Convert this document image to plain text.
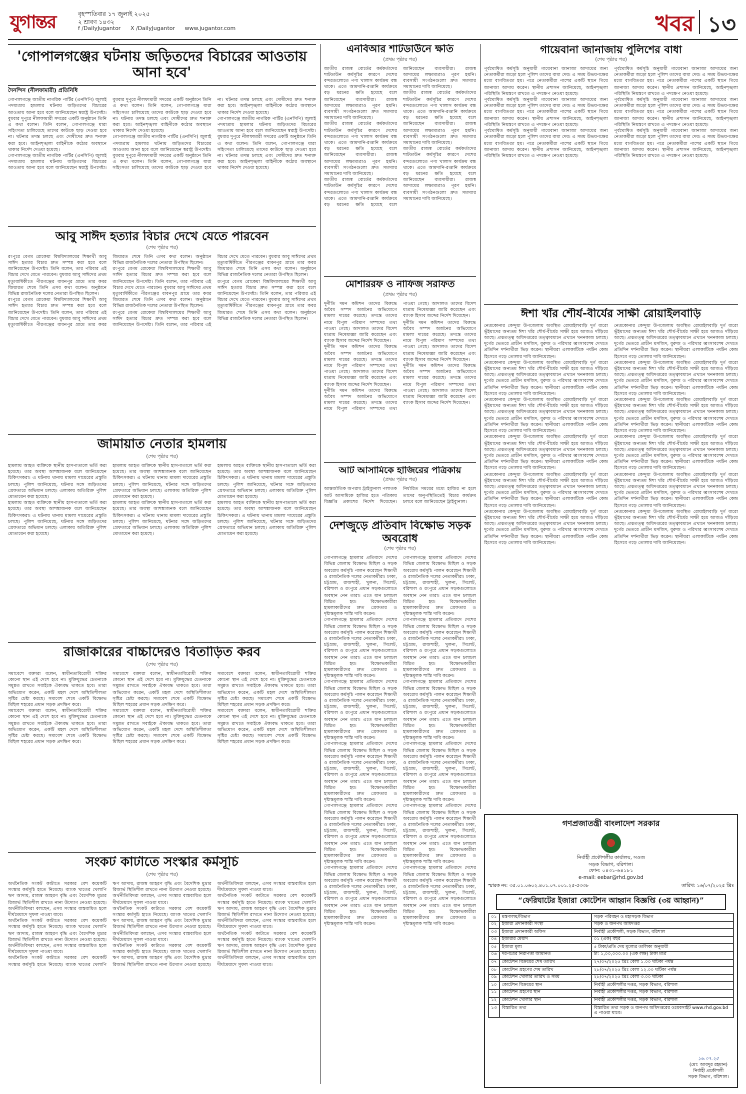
যুগান্তর	বৃহস্পতিবার ১৭ জুলাই ২০২৫
২ শ্রাবণ ১৪৩২
f /DailyJugantor X /DailyJugantor www.jugantor.com	খবর ১৩
'গোপালগঞ্জের ঘটনায় জড়িতদের বিচারের আওতায় আনা হবে'
দৈনন্দিন (নীলফামারী) প্রতিনিধি
গোপালগঞ্জে জাতীয় নাগরিক পার্টির (এনসিপি) জুলাই পদযাত্রায় হামলার ঘটনায় জড়িতদের বিচারের আওতায় আনা হবে বলে জানিয়েছেন স্বরাষ্ট্র উপদেষ্টা। বুধবার দুপুরে নীলফামারী সদরের একটি অনুষ্ঠানে তিনি এ কথা বলেন। তিনি বলেন, গোপালগঞ্জে যারা সহিংসতা চালিয়েছে তাদের কাউকে ছাড় দেওয়া হবে না। ঘটনার তদন্ত চলছে এবং দোষীদের দ্রুত শনাক্ত করা হবে। আইনশৃঙ্খলা বাহিনীকে কঠোর অবস্থানে থাকার নির্দেশ দেওয়া হয়েছে।
গোপালগঞ্জে জাতীয় নাগরিক পার্টির (এনসিপি) জুলাই পদযাত্রায় হামলার ঘটনায় জড়িতদের বিচারের আওতায় আনা হবে বলে জানিয়েছেন স্বরাষ্ট্র উপদেষ্টা। বুধবার দুপুরে নীলফামারী সদরের একটি অনুষ্ঠানে তিনি এ কথা বলেন। তিনি বলেন, গোপালগঞ্জে যারা সহিংসতা চালিয়েছে তাদের কাউকে ছাড় দেওয়া হবে না। ঘটনার তদন্ত চলছে এবং দোষীদের দ্রুত শনাক্ত করা হবে। আইনশৃঙ্খলা বাহিনীকে কঠোর অবস্থানে থাকার নির্দেশ দেওয়া হয়েছে।
গোপালগঞ্জে জাতীয় নাগরিক পার্টির (এনসিপি) জুলাই পদযাত্রায় হামলার ঘটনায় জড়িতদের বিচারের আওতায় আনা হবে বলে জানিয়েছেন স্বরাষ্ট্র উপদেষ্টা। বুধবার দুপুরে নীলফামারী সদরের একটি অনুষ্ঠানে তিনি এ কথা বলেন। তিনি বলেন, গোপালগঞ্জে যারা সহিংসতা চালিয়েছে তাদের কাউকে ছাড় দেওয়া হবে না। ঘটনার তদন্ত চলছে এবং দোষীদের দ্রুত শনাক্ত করা হবে। আইনশৃঙ্খলা বাহিনীকে কঠোর অবস্থানে থাকার নির্দেশ দেওয়া হয়েছে।
গোপালগঞ্জে জাতীয় নাগরিক পার্টির (এনসিপি) জুলাই পদযাত্রায় হামলার ঘটনায় জড়িতদের বিচারের আওতায় আনা হবে বলে জানিয়েছেন স্বরাষ্ট্র উপদেষ্টা। বুধবার দুপুরে নীলফামারী সদরের একটি অনুষ্ঠানে তিনি এ কথা বলেন। তিনি বলেন, গোপালগঞ্জে যারা সহিংসতা চালিয়েছে তাদের কাউকে ছাড় দেওয়া হবে না। ঘটনার তদন্ত চলছে এবং দোষীদের দ্রুত শনাক্ত করা হবে। আইনশৃঙ্খলা বাহিনীকে কঠোর অবস্থানে থাকার নির্দেশ দেওয়া হয়েছে।
এনবিআর শাটডাউনে ক্ষতি
(প্রথম পৃষ্ঠার পর)
জাতীয় রাজস্ব বোর্ডের কর্মকর্তাদের শাটডাউন কর্মসূচির কারণে দেশের বন্দরগুলোতে পণ্য খালাস কার্যক্রম বন্ধ থাকে। এতে আমদানি-রপ্তানি কার্যক্রমে বড় ধরনের ক্ষতি হয়েছে বলে জানিয়েছেন ব্যবসায়ীরা। রাজস্ব আদায়ের লক্ষ্যমাত্রাও পূরণ হয়নি। ব্যবসায়ী সংগঠনগুলো দ্রুত সমস্যার সমাধানের দাবি জানিয়েছে।
জাতীয় রাজস্ব বোর্ডের কর্মকর্তাদের শাটডাউন কর্মসূচির কারণে দেশের বন্দরগুলোতে পণ্য খালাস কার্যক্রম বন্ধ থাকে। এতে আমদানি-রপ্তানি কার্যক্রমে বড় ধরনের ক্ষতি হয়েছে বলে জানিয়েছেন ব্যবসায়ীরা। রাজস্ব আদায়ের লক্ষ্যমাত্রাও পূরণ হয়নি। ব্যবসায়ী সংগঠনগুলো দ্রুত সমস্যার সমাধানের দাবি জানিয়েছে।
জাতীয় রাজস্ব বোর্ডের কর্মকর্তাদের শাটডাউন কর্মসূচির কারণে দেশের বন্দরগুলোতে পণ্য খালাস কার্যক্রম বন্ধ থাকে। এতে আমদানি-রপ্তানি কার্যক্রমে বড় ধরনের ক্ষতি হয়েছে বলে জানিয়েছেন ব্যবসায়ীরা। রাজস্ব আদায়ের লক্ষ্যমাত্রাও পূরণ হয়নি। ব্যবসায়ী সংগঠনগুলো দ্রুত সমস্যার সমাধানের দাবি জানিয়েছে।
জাতীয় রাজস্ব বোর্ডের কর্মকর্তাদের শাটডাউন কর্মসূচির কারণে দেশের বন্দরগুলোতে পণ্য খালাস কার্যক্রম বন্ধ থাকে। এতে আমদানি-রপ্তানি কার্যক্রমে বড় ধরনের ক্ষতি হয়েছে বলে জানিয়েছেন ব্যবসায়ীরা। রাজস্ব আদায়ের লক্ষ্যমাত্রাও পূরণ হয়নি। ব্যবসায়ী সংগঠনগুলো দ্রুত সমস্যার সমাধানের দাবি জানিয়েছে।
জাতীয় রাজস্ব বোর্ডের কর্মকর্তাদের শাটডাউন কর্মসূচির কারণে দেশের বন্দরগুলোতে পণ্য খালাস কার্যক্রম বন্ধ থাকে। এতে আমদানি-রপ্তানি কার্যক্রমে বড় ধরনের ক্ষতি হয়েছে বলে জানিয়েছেন ব্যবসায়ীরা। রাজস্ব আদায়ের লক্ষ্যমাত্রাও পূরণ হয়নি। ব্যবসায়ী সংগঠনগুলো দ্রুত সমস্যার সমাধানের দাবি জানিয়েছে।
গায়েবানা জানাজায় পুলিশের বাধা
(শেষ পৃষ্ঠার পর)
পূর্বঘোষিত কর্মসূচি অনুযায়ী গায়েবানা জানাজা আদায়ের জন্য নেতাকর্মীরা জড়ো হলে পুলিশ তাদের বাধা দেয়। এ সময় উভয়পক্ষের মধ্যে বাগবিতণ্ডা হয়। পরে নেতাকর্মীরা পাশের একটি স্থানে গিয়ে জানাজা আদায় করেন। স্থানীয় প্রশাসন জানিয়েছে, আইনশৃঙ্খলা পরিস্থিতি নিয়ন্ত্রণে রাখতে এ পদক্ষেপ নেওয়া হয়েছে।
পূর্বঘোষিত কর্মসূচি অনুযায়ী গায়েবানা জানাজা আদায়ের জন্য নেতাকর্মীরা জড়ো হলে পুলিশ তাদের বাধা দেয়। এ সময় উভয়পক্ষের মধ্যে বাগবিতণ্ডা হয়। পরে নেতাকর্মীরা পাশের একটি স্থানে গিয়ে জানাজা আদায় করেন। স্থানীয় প্রশাসন জানিয়েছে, আইনশৃঙ্খলা পরিস্থিতি নিয়ন্ত্রণে রাখতে এ পদক্ষেপ নেওয়া হয়েছে।
পূর্বঘোষিত কর্মসূচি অনুযায়ী গায়েবানা জানাজা আদায়ের জন্য নেতাকর্মীরা জড়ো হলে পুলিশ তাদের বাধা দেয়। এ সময় উভয়পক্ষের মধ্যে বাগবিতণ্ডা হয়। পরে নেতাকর্মীরা পাশের একটি স্থানে গিয়ে জানাজা আদায় করেন। স্থানীয় প্রশাসন জানিয়েছে, আইনশৃঙ্খলা পরিস্থিতি নিয়ন্ত্রণে রাখতে এ পদক্ষেপ নেওয়া হয়েছে।
পূর্বঘোষিত কর্মসূচি অনুযায়ী গায়েবানা জানাজা আদায়ের জন্য নেতাকর্মীরা জড়ো হলে পুলিশ তাদের বাধা দেয়। এ সময় উভয়পক্ষের মধ্যে বাগবিতণ্ডা হয়। পরে নেতাকর্মীরা পাশের একটি স্থানে গিয়ে জানাজা আদায় করেন। স্থানীয় প্রশাসন জানিয়েছে, আইনশৃঙ্খলা পরিস্থিতি নিয়ন্ত্রণে রাখতে এ পদক্ষেপ নেওয়া হয়েছে।
পূর্বঘোষিত কর্মসূচি অনুযায়ী গায়েবানা জানাজা আদায়ের জন্য নেতাকর্মীরা জড়ো হলে পুলিশ তাদের বাধা দেয়। এ সময় উভয়পক্ষের মধ্যে বাগবিতণ্ডা হয়। পরে নেতাকর্মীরা পাশের একটি স্থানে গিয়ে জানাজা আদায় করেন। স্থানীয় প্রশাসন জানিয়েছে, আইনশৃঙ্খলা পরিস্থিতি নিয়ন্ত্রণে রাখতে এ পদক্ষেপ নেওয়া হয়েছে।
পূর্বঘোষিত কর্মসূচি অনুযায়ী গায়েবানা জানাজা আদায়ের জন্য নেতাকর্মীরা জড়ো হলে পুলিশ তাদের বাধা দেয়। এ সময় উভয়পক্ষের মধ্যে বাগবিতণ্ডা হয়। পরে নেতাকর্মীরা পাশের একটি স্থানে গিয়ে জানাজা আদায় করেন। স্থানীয় প্রশাসন জানিয়েছে, আইনশৃঙ্খলা পরিস্থিতি নিয়ন্ত্রণে রাখতে এ পদক্ষেপ নেওয়া হয়েছে।
আবু সাঈদ হত্যার বিচার দেখে যেতে পারবেন
(শেষ পৃষ্ঠার পর)
রংপুরে বেগম রোকেয়া বিশ্ববিদ্যালয়ের শিক্ষার্থী আবু সাঈদ হত্যার বিচার দ্রুত সম্পন্ন করা হবে বলে জানিয়েছেন উপদেষ্টা। তিনি বলেন, তার পরিবার এই বিচার দেখে যেতে পারবেন। বুধবার আবু সাঈদের প্রথম মৃত্যুবার্ষিকীতে পীরগঞ্জের বাবনপুর গ্রামে তার কবর জিয়ারত শেষে তিনি এসব কথা বলেন। অনুষ্ঠানে বিভিন্ন রাজনৈতিক দলের নেতারা উপস্থিত ছিলেন।
রংপুরে বেগম রোকেয়া বিশ্ববিদ্যালয়ের শিক্ষার্থী আবু সাঈদ হত্যার বিচার দ্রুত সম্পন্ন করা হবে বলে জানিয়েছেন উপদেষ্টা। তিনি বলেন, তার পরিবার এই বিচার দেখে যেতে পারবেন। বুধবার আবু সাঈদের প্রথম মৃত্যুবার্ষিকীতে পীরগঞ্জের বাবনপুর গ্রামে তার কবর জিয়ারত শেষে তিনি এসব কথা বলেন। অনুষ্ঠানে বিভিন্ন রাজনৈতিক দলের নেতারা উপস্থিত ছিলেন।
রংপুরে বেগম রোকেয়া বিশ্ববিদ্যালয়ের শিক্ষার্থী আবু সাঈদ হত্যার বিচার দ্রুত সম্পন্ন করা হবে বলে জানিয়েছেন উপদেষ্টা। তিনি বলেন, তার পরিবার এই বিচার দেখে যেতে পারবেন। বুধবার আবু সাঈদের প্রথম মৃত্যুবার্ষিকীতে পীরগঞ্জের বাবনপুর গ্রামে তার কবর জিয়ারত শেষে তিনি এসব কথা বলেন। অনুষ্ঠানে বিভিন্ন রাজনৈতিক দলের নেতারা উপস্থিত ছিলেন।
রংপুরে বেগম রোকেয়া বিশ্ববিদ্যালয়ের শিক্ষার্থী আবু সাঈদ হত্যার বিচার দ্রুত সম্পন্ন করা হবে বলে জানিয়েছেন উপদেষ্টা। তিনি বলেন, তার পরিবার এই বিচার দেখে যেতে পারবেন। বুধবার আবু সাঈদের প্রথম মৃত্যুবার্ষিকীতে পীরগঞ্জের বাবনপুর গ্রামে তার কবর জিয়ারত শেষে তিনি এসব কথা বলেন। অনুষ্ঠানে বিভিন্ন রাজনৈতিক দলের নেতারা উপস্থিত ছিলেন।
রংপুরে বেগম রোকেয়া বিশ্ববিদ্যালয়ের শিক্ষার্থী আবু সাঈদ হত্যার বিচার দ্রুত সম্পন্ন করা হবে বলে জানিয়েছেন উপদেষ্টা। তিনি বলেন, তার পরিবার এই বিচার দেখে যেতে পারবেন। বুধবার আবু সাঈদের প্রথম মৃত্যুবার্ষিকীতে পীরগঞ্জের বাবনপুর গ্রামে তার কবর জিয়ারত শেষে তিনি এসব কথা বলেন। অনুষ্ঠানে বিভিন্ন রাজনৈতিক দলের নেতারা উপস্থিত ছিলেন।
মোশাররফ ও নাফিজ সরাফত
(প্রথম পৃষ্ঠার পর)
দুর্নীতি দমন কমিশন তাদের বিরুদ্ধে অবৈধ সম্পদ অর্জনের অভিযোগে মামলা দায়ের করেছে। তদন্তে তাদের নামে বিপুল পরিমাণ সম্পদের তথ্য পাওয়া গেছে। আদালত তাদের বিদেশ যাত্রায় নিষেধাজ্ঞা জারি করেছেন এবং ব্যাংক হিসাব জব্দের নির্দেশ দিয়েছেন।
দুর্নীতি দমন কমিশন তাদের বিরুদ্ধে অবৈধ সম্পদ অর্জনের অভিযোগে মামলা দায়ের করেছে। তদন্তে তাদের নামে বিপুল পরিমাণ সম্পদের তথ্য পাওয়া গেছে। আদালত তাদের বিদেশ যাত্রায় নিষেধাজ্ঞা জারি করেছেন এবং ব্যাংক হিসাব জব্দের নির্দেশ দিয়েছেন।
দুর্নীতি দমন কমিশন তাদের বিরুদ্ধে অবৈধ সম্পদ অর্জনের অভিযোগে মামলা দায়ের করেছে। তদন্তে তাদের নামে বিপুল পরিমাণ সম্পদের তথ্য পাওয়া গেছে। আদালত তাদের বিদেশ যাত্রায় নিষেধাজ্ঞা জারি করেছেন এবং ব্যাংক হিসাব জব্দের নির্দেশ দিয়েছেন।
দুর্নীতি দমন কমিশন তাদের বিরুদ্ধে অবৈধ সম্পদ অর্জনের অভিযোগে মামলা দায়ের করেছে। তদন্তে তাদের নামে বিপুল পরিমাণ সম্পদের তথ্য পাওয়া গেছে। আদালত তাদের বিদেশ যাত্রায় নিষেধাজ্ঞা জারি করেছেন এবং ব্যাংক হিসাব জব্দের নির্দেশ দিয়েছেন।
দুর্নীতি দমন কমিশন তাদের বিরুদ্ধে অবৈধ সম্পদ অর্জনের অভিযোগে মামলা দায়ের করেছে। তদন্তে তাদের নামে বিপুল পরিমাণ সম্পদের তথ্য পাওয়া গেছে। আদালত তাদের বিদেশ যাত্রায় নিষেধাজ্ঞা জারি করেছেন এবং ব্যাংক হিসাব জব্দের নির্দেশ দিয়েছেন।
ঈশা খাঁর শৌর্য-বীর্যের সাক্ষী রোয়াইলবাড়ি
নেত্রকোনার কেন্দুয়া উপজেলায় অবস্থিত রোয়াইলবাড়ি দুর্গ বারো ভূঁইয়াদের অন্যতম ঈশা খাঁর শৌর্য-বীর্যের সাক্ষী হয়ে আজও দাঁড়িয়ে আছে। প্রত্নতত্ত্ব অধিদপ্তরের তত্ত্বাবধানে এখানে খননকাজ চলছে। দুর্গের ভেতরে প্রাচীন মসজিদ, বুরুজ ও পরিখার ধ্বংসাবশেষ দেখতে প্রতিদিন দর্শনার্থীরা ভিড় করেন। স্থানীয়রা এলাকাটিকে পর্যটন কেন্দ্র হিসেবে গড়ে তোলার দাবি জানিয়েছেন।
নেত্রকোনার কেন্দুয়া উপজেলায় অবস্থিত রোয়াইলবাড়ি দুর্গ বারো ভূঁইয়াদের অন্যতম ঈশা খাঁর শৌর্য-বীর্যের সাক্ষী হয়ে আজও দাঁড়িয়ে আছে। প্রত্নতত্ত্ব অধিদপ্তরের তত্ত্বাবধানে এখানে খননকাজ চলছে। দুর্গের ভেতরে প্রাচীন মসজিদ, বুরুজ ও পরিখার ধ্বংসাবশেষ দেখতে প্রতিদিন দর্শনার্থীরা ভিড় করেন। স্থানীয়রা এলাকাটিকে পর্যটন কেন্দ্র হিসেবে গড়ে তোলার দাবি জানিয়েছেন।
নেত্রকোনার কেন্দুয়া উপজেলায় অবস্থিত রোয়াইলবাড়ি দুর্গ বারো ভূঁইয়াদের অন্যতম ঈশা খাঁর শৌর্য-বীর্যের সাক্ষী হয়ে আজও দাঁড়িয়ে আছে। প্রত্নতত্ত্ব অধিদপ্তরের তত্ত্বাবধানে এখানে খননকাজ চলছে। দুর্গের ভেতরে প্রাচীন মসজিদ, বুরুজ ও পরিখার ধ্বংসাবশেষ দেখতে প্রতিদিন দর্শনার্থীরা ভিড় করেন। স্থানীয়রা এলাকাটিকে পর্যটন কেন্দ্র হিসেবে গড়ে তোলার দাবি জানিয়েছেন।
নেত্রকোনার কেন্দুয়া উপজেলায় অবস্থিত রোয়াইলবাড়ি দুর্গ বারো ভূঁইয়াদের অন্যতম ঈশা খাঁর শৌর্য-বীর্যের সাক্ষী হয়ে আজও দাঁড়িয়ে আছে। প্রত্নতত্ত্ব অধিদপ্তরের তত্ত্বাবধানে এখানে খননকাজ চলছে। দুর্গের ভেতরে প্রাচীন মসজিদ, বুরুজ ও পরিখার ধ্বংসাবশেষ দেখতে প্রতিদিন দর্শনার্থীরা ভিড় করেন। স্থানীয়রা এলাকাটিকে পর্যটন কেন্দ্র হিসেবে গড়ে তোলার দাবি জানিয়েছেন।
নেত্রকোনার কেন্দুয়া উপজেলায় অবস্থিত রোয়াইলবাড়ি দুর্গ বারো ভূঁইয়াদের অন্যতম ঈশা খাঁর শৌর্য-বীর্যের সাক্ষী হয়ে আজও দাঁড়িয়ে আছে। প্রত্নতত্ত্ব অধিদপ্তরের তত্ত্বাবধানে এখানে খননকাজ চলছে। দুর্গের ভেতরে প্রাচীন মসজিদ, বুরুজ ও পরিখার ধ্বংসাবশেষ দেখতে প্রতিদিন দর্শনার্থীরা ভিড় করেন। স্থানীয়রা এলাকাটিকে পর্যটন কেন্দ্র হিসেবে গড়ে তোলার দাবি জানিয়েছেন।
নেত্রকোনার কেন্দুয়া উপজেলায় অবস্থিত রোয়াইলবাড়ি দুর্গ বারো ভূঁইয়াদের অন্যতম ঈশা খাঁর শৌর্য-বীর্যের সাক্ষী হয়ে আজও দাঁড়িয়ে আছে। প্রত্নতত্ত্ব অধিদপ্তরের তত্ত্বাবধানে এখানে খননকাজ চলছে। দুর্গের ভেতরে প্রাচীন মসজিদ, বুরুজ ও পরিখার ধ্বংসাবশেষ দেখতে প্রতিদিন দর্শনার্থীরা ভিড় করেন। স্থানীয়রা এলাকাটিকে পর্যটন কেন্দ্র হিসেবে গড়ে তোলার দাবি জানিয়েছেন।
নেত্রকোনার কেন্দুয়া উপজেলায় অবস্থিত রোয়াইলবাড়ি দুর্গ বারো ভূঁইয়াদের অন্যতম ঈশা খাঁর শৌর্য-বীর্যের সাক্ষী হয়ে আজও দাঁড়িয়ে আছে। প্রত্নতত্ত্ব অধিদপ্তরের তত্ত্বাবধানে এখানে খননকাজ চলছে। দুর্গের ভেতরে প্রাচীন মসজিদ, বুরুজ ও পরিখার ধ্বংসাবশেষ দেখতে প্রতিদিন দর্শনার্থীরা ভিড় করেন। স্থানীয়রা এলাকাটিকে পর্যটন কেন্দ্র হিসেবে গড়ে তোলার দাবি জানিয়েছেন।
নেত্রকোনার কেন্দুয়া উপজেলায় অবস্থিত রোয়াইলবাড়ি দুর্গ বারো ভূঁইয়াদের অন্যতম ঈশা খাঁর শৌর্য-বীর্যের সাক্ষী হয়ে আজও দাঁড়িয়ে আছে। প্রত্নতত্ত্ব অধিদপ্তরের তত্ত্বাবধানে এখানে খননকাজ চলছে। দুর্গের ভেতরে প্রাচীন মসজিদ, বুরুজ ও পরিখার ধ্বংসাবশেষ দেখতে প্রতিদিন দর্শনার্থীরা ভিড় করেন। স্থানীয়রা এলাকাটিকে পর্যটন কেন্দ্র হিসেবে গড়ে তোলার দাবি জানিয়েছেন।
নেত্রকোনার কেন্দুয়া উপজেলায় অবস্থিত রোয়াইলবাড়ি দুর্গ বারো ভূঁইয়াদের অন্যতম ঈশা খাঁর শৌর্য-বীর্যের সাক্ষী হয়ে আজও দাঁড়িয়ে আছে। প্রত্নতত্ত্ব অধিদপ্তরের তত্ত্বাবধানে এখানে খননকাজ চলছে। দুর্গের ভেতরে প্রাচীন মসজিদ, বুরুজ ও পরিখার ধ্বংসাবশেষ দেখতে প্রতিদিন দর্শনার্থীরা ভিড় করেন। স্থানীয়রা এলাকাটিকে পর্যটন কেন্দ্র হিসেবে গড়ে তোলার দাবি জানিয়েছেন।
নেত্রকোনার কেন্দুয়া উপজেলায় অবস্থিত রোয়াইলবাড়ি দুর্গ বারো ভূঁইয়াদের অন্যতম ঈশা খাঁর শৌর্য-বীর্যের সাক্ষী হয়ে আজও দাঁড়িয়ে আছে। প্রত্নতত্ত্ব অধিদপ্তরের তত্ত্বাবধানে এখানে খননকাজ চলছে। দুর্গের ভেতরে প্রাচীন মসজিদ, বুরুজ ও পরিখার ধ্বংসাবশেষ দেখতে প্রতিদিন দর্শনার্থীরা ভিড় করেন। স্থানীয়রা এলাকাটিকে পর্যটন কেন্দ্র হিসেবে গড়ে তোলার দাবি জানিয়েছেন।
নেত্রকোনার কেন্দুয়া উপজেলায় অবস্থিত রোয়াইলবাড়ি দুর্গ বারো ভূঁইয়াদের অন্যতম ঈশা খাঁর শৌর্য-বীর্যের সাক্ষী হয়ে আজও দাঁড়িয়ে আছে। প্রত্নতত্ত্ব অধিদপ্তরের তত্ত্বাবধানে এখানে খননকাজ চলছে। দুর্গের ভেতরে প্রাচীন মসজিদ, বুরুজ ও পরিখার ধ্বংসাবশেষ দেখতে প্রতিদিন দর্শনার্থীরা ভিড় করেন। স্থানীয়রা এলাকাটিকে পর্যটন কেন্দ্র হিসেবে গড়ে তোলার দাবি জানিয়েছেন।
নেত্রকোনার কেন্দুয়া উপজেলায় অবস্থিত রোয়াইলবাড়ি দুর্গ বারো ভূঁইয়াদের অন্যতম ঈশা খাঁর শৌর্য-বীর্যের সাক্ষী হয়ে আজও দাঁড়িয়ে আছে। প্রত্নতত্ত্ব অধিদপ্তরের তত্ত্বাবধানে এখানে খননকাজ চলছে। দুর্গের ভেতরে প্রাচীন মসজিদ, বুরুজ ও পরিখার ধ্বংসাবশেষ দেখতে প্রতিদিন দর্শনার্থীরা ভিড় করেন। স্থানীয়রা এলাকাটিকে পর্যটন কেন্দ্র হিসেবে গড়ে তোলার দাবি জানিয়েছেন।
জামায়াত নেতার হামলায়
(শেষ পৃষ্ঠার পর)
হামলায় আহত ব্যক্তিকে স্থানীয় হাসপাতালে ভর্তি করা হয়েছে। তার অবস্থা আশঙ্কাজনক বলে জানিয়েছেন চিকিৎসকরা। এ ঘটনায় থানায় মামলা দায়েরের প্রস্তুতি চলছে। পুলিশ জানিয়েছে, ঘটনার সঙ্গে জড়িতদের গ্রেফতারে অভিযান চলছে। এলাকায় অতিরিক্ত পুলিশ মোতায়েন করা হয়েছে।
হামলায় আহত ব্যক্তিকে স্থানীয় হাসপাতালে ভর্তি করা হয়েছে। তার অবস্থা আশঙ্কাজনক বলে জানিয়েছেন চিকিৎসকরা। এ ঘটনায় থানায় মামলা দায়েরের প্রস্তুতি চলছে। পুলিশ জানিয়েছে, ঘটনার সঙ্গে জড়িতদের গ্রেফতারে অভিযান চলছে। এলাকায় অতিরিক্ত পুলিশ মোতায়েন করা হয়েছে।
হামলায় আহত ব্যক্তিকে স্থানীয় হাসপাতালে ভর্তি করা হয়েছে। তার অবস্থা আশঙ্কাজনক বলে জানিয়েছেন চিকিৎসকরা। এ ঘটনায় থানায় মামলা দায়েরের প্রস্তুতি চলছে। পুলিশ জানিয়েছে, ঘটনার সঙ্গে জড়িতদের গ্রেফতারে অভিযান চলছে। এলাকায় অতিরিক্ত পুলিশ মোতায়েন করা হয়েছে।
হামলায় আহত ব্যক্তিকে স্থানীয় হাসপাতালে ভর্তি করা হয়েছে। তার অবস্থা আশঙ্কাজনক বলে জানিয়েছেন চিকিৎসকরা। এ ঘটনায় থানায় মামলা দায়েরের প্রস্তুতি চলছে। পুলিশ জানিয়েছে, ঘটনার সঙ্গে জড়িতদের গ্রেফতারে অভিযান চলছে। এলাকায় অতিরিক্ত পুলিশ মোতায়েন করা হয়েছে।
হামলায় আহত ব্যক্তিকে স্থানীয় হাসপাতালে ভর্তি করা হয়েছে। তার অবস্থা আশঙ্কাজনক বলে জানিয়েছেন চিকিৎসকরা। এ ঘটনায় থানায় মামলা দায়েরের প্রস্তুতি চলছে। পুলিশ জানিয়েছে, ঘটনার সঙ্গে জড়িতদের গ্রেফতারে অভিযান চলছে। এলাকায় অতিরিক্ত পুলিশ মোতায়েন করা হয়েছে।
হামলায় আহত ব্যক্তিকে স্থানীয় হাসপাতালে ভর্তি করা হয়েছে। তার অবস্থা আশঙ্কাজনক বলে জানিয়েছেন চিকিৎসকরা। এ ঘটনায় থানায় মামলা দায়েরের প্রস্তুতি চলছে। পুলিশ জানিয়েছে, ঘটনার সঙ্গে জড়িতদের গ্রেফতারে অভিযান চলছে। এলাকায় অতিরিক্ত পুলিশ মোতায়েন করা হয়েছে।
আট আসামিকে হাজিরের পত্রিকায়
(প্রথম পৃষ্ঠার পর)
আন্তর্জাতিক অপরাধ ট্রাইব্যুনাল পলাতক আট আসামিকে হাজির হতে পত্রিকায় বিজ্ঞপ্তি প্রকাশের নির্দেশ দিয়েছেন। নির্ধারিত সময়ের মধ্যে হাজির না হলে তাদের অনুপস্থিতিতেই বিচার কার্যক্রম চলবে বলে জানিয়েছেন ট্রাইব্যুনাল।
দেশজুড়ে প্রতিবাদ বিক্ষোভ সড়ক অবরোধ
(শেষ পৃষ্ঠার পর)
গোপালগঞ্জে হামলার প্রতিবাদে দেশের বিভিন্ন জেলায় বিক্ষোভ মিছিল ও সড়ক অবরোধ কর্মসূচি পালন করেছেন শিক্ষার্থী ও রাজনৈতিক দলের নেতাকর্মীরা। ঢাকা, চট্টগ্রাম, রাজশাহী, খুলনা, সিলেট, বরিশাল ও রংপুরে প্রধান সড়কগুলোতে অবস্থান নেন তারা। এতে যান চলাচল বিঘ্নিত হয়। বিক্ষোভকারীরা হামলাকারীদের দ্রুত গ্রেফতার ও দৃষ্টান্তমূলক শাস্তি দাবি করেন।
গোপালগঞ্জে হামলার প্রতিবাদে দেশের বিভিন্ন জেলায় বিক্ষোভ মিছিল ও সড়ক অবরোধ কর্মসূচি পালন করেছেন শিক্ষার্থী ও রাজনৈতিক দলের নেতাকর্মীরা। ঢাকা, চট্টগ্রাম, রাজশাহী, খুলনা, সিলেট, বরিশাল ও রংপুরে প্রধান সড়কগুলোতে অবস্থান নেন তারা। এতে যান চলাচল বিঘ্নিত হয়। বিক্ষোভকারীরা হামলাকারীদের দ্রুত গ্রেফতার ও দৃষ্টান্তমূলক শাস্তি দাবি করেন।
গোপালগঞ্জে হামলার প্রতিবাদে দেশের বিভিন্ন জেলায় বিক্ষোভ মিছিল ও সড়ক অবরোধ কর্মসূচি পালন করেছেন শিক্ষার্থী ও রাজনৈতিক দলের নেতাকর্মীরা। ঢাকা, চট্টগ্রাম, রাজশাহী, খুলনা, সিলেট, বরিশাল ও রংপুরে প্রধান সড়কগুলোতে অবস্থান নেন তারা। এতে যান চলাচল বিঘ্নিত হয়। বিক্ষোভকারীরা হামলাকারীদের দ্রুত গ্রেফতার ও দৃষ্টান্তমূলক শাস্তি দাবি করেন।
গোপালগঞ্জে হামলার প্রতিবাদে দেশের বিভিন্ন জেলায় বিক্ষোভ মিছিল ও সড়ক অবরোধ কর্মসূচি পালন করেছেন শিক্ষার্থী ও রাজনৈতিক দলের নেতাকর্মীরা। ঢাকা, চট্টগ্রাম, রাজশাহী, খুলনা, সিলেট, বরিশাল ও রংপুরে প্রধান সড়কগুলোতে অবস্থান নেন তারা। এতে যান চলাচল বিঘ্নিত হয়। বিক্ষোভকারীরা হামলাকারীদের দ্রুত গ্রেফতার ও দৃষ্টান্তমূলক শাস্তি দাবি করেন।
গোপালগঞ্জে হামলার প্রতিবাদে দেশের বিভিন্ন জেলায় বিক্ষোভ মিছিল ও সড়ক অবরোধ কর্মসূচি পালন করেছেন শিক্ষার্থী ও রাজনৈতিক দলের নেতাকর্মীরা। ঢাকা, চট্টগ্রাম, রাজশাহী, খুলনা, সিলেট, বরিশাল ও রংপুরে প্রধান সড়কগুলোতে অবস্থান নেন তারা। এতে যান চলাচল বিঘ্নিত হয়। বিক্ষোভকারীরা হামলাকারীদের দ্রুত গ্রেফতার ও দৃষ্টান্তমূলক শাস্তি দাবি করেন।
গোপালগঞ্জে হামলার প্রতিবাদে দেশের বিভিন্ন জেলায় বিক্ষোভ মিছিল ও সড়ক অবরোধ কর্মসূচি পালন করেছেন শিক্ষার্থী ও রাজনৈতিক দলের নেতাকর্মীরা। ঢাকা, চট্টগ্রাম, রাজশাহী, খুলনা, সিলেট, বরিশাল ও রংপুরে প্রধান সড়কগুলোতে অবস্থান নেন তারা। এতে যান চলাচল বিঘ্নিত হয়। বিক্ষোভকারীরা হামলাকারীদের দ্রুত গ্রেফতার ও দৃষ্টান্তমূলক শাস্তি দাবি করেন।
গোপালগঞ্জে হামলার প্রতিবাদে দেশের বিভিন্ন জেলায় বিক্ষোভ মিছিল ও সড়ক অবরোধ কর্মসূচি পালন করেছেন শিক্ষার্থী ও রাজনৈতিক দলের নেতাকর্মীরা। ঢাকা, চট্টগ্রাম, রাজশাহী, খুলনা, সিলেট, বরিশাল ও রংপুরে প্রধান সড়কগুলোতে অবস্থান নেন তারা। এতে যান চলাচল বিঘ্নিত হয়। বিক্ষোভকারীরা হামলাকারীদের দ্রুত গ্রেফতার ও দৃষ্টান্তমূলক শাস্তি দাবি করেন।
গোপালগঞ্জে হামলার প্রতিবাদে দেশের বিভিন্ন জেলায় বিক্ষোভ মিছিল ও সড়ক অবরোধ কর্মসূচি পালন করেছেন শিক্ষার্থী ও রাজনৈতিক দলের নেতাকর্মীরা। ঢাকা, চট্টগ্রাম, রাজশাহী, খুলনা, সিলেট, বরিশাল ও রংপুরে প্রধান সড়কগুলোতে অবস্থান নেন তারা। এতে যান চলাচল বিঘ্নিত হয়। বিক্ষোভকারীরা হামলাকারীদের দ্রুত গ্রেফতার ও দৃষ্টান্তমূলক শাস্তি দাবি করেন।
গোপালগঞ্জে হামলার প্রতিবাদে দেশের বিভিন্ন জেলায় বিক্ষোভ মিছিল ও সড়ক অবরোধ কর্মসূচি পালন করেছেন শিক্ষার্থী ও রাজনৈতিক দলের নেতাকর্মীরা। ঢাকা, চট্টগ্রাম, রাজশাহী, খুলনা, সিলেট, বরিশাল ও রংপুরে প্রধান সড়কগুলোতে অবস্থান নেন তারা। এতে যান চলাচল বিঘ্নিত হয়। বিক্ষোভকারীরা হামলাকারীদের দ্রুত গ্রেফতার ও দৃষ্টান্তমূলক শাস্তি দাবি করেন।
গোপালগঞ্জে হামলার প্রতিবাদে দেশের বিভিন্ন জেলায় বিক্ষোভ মিছিল ও সড়ক অবরোধ কর্মসূচি পালন করেছেন শিক্ষার্থী ও রাজনৈতিক দলের নেতাকর্মীরা। ঢাকা, চট্টগ্রাম, রাজশাহী, খুলনা, সিলেট, বরিশাল ও রংপুরে প্রধান সড়কগুলোতে অবস্থান নেন তারা। এতে যান চলাচল বিঘ্নিত হয়। বিক্ষোভকারীরা হামলাকারীদের দ্রুত গ্রেফতার ও দৃষ্টান্তমূলক শাস্তি দাবি করেন।
গোপালগঞ্জে হামলার প্রতিবাদে দেশের বিভিন্ন জেলায় বিক্ষোভ মিছিল ও সড়ক অবরোধ কর্মসূচি পালন করেছেন শিক্ষার্থী ও রাজনৈতিক দলের নেতাকর্মীরা। ঢাকা, চট্টগ্রাম, রাজশাহী, খুলনা, সিলেট, বরিশাল ও রংপুরে প্রধান সড়কগুলোতে অবস্থান নেন তারা। এতে যান চলাচল বিঘ্নিত হয়। বিক্ষোভকারীরা হামলাকারীদের দ্রুত গ্রেফতার ও দৃষ্টান্তমূলক শাস্তি দাবি করেন।
গোপালগঞ্জে হামলার প্রতিবাদে দেশের বিভিন্ন জেলায় বিক্ষোভ মিছিল ও সড়ক অবরোধ কর্মসূচি পালন করেছেন শিক্ষার্থী ও রাজনৈতিক দলের নেতাকর্মীরা। ঢাকা, চট্টগ্রাম, রাজশাহী, খুলনা, সিলেট, বরিশাল ও রংপুরে প্রধান সড়কগুলোতে অবস্থান নেন তারা। এতে যান চলাচল বিঘ্নিত হয়। বিক্ষোভকারীরা হামলাকারীদের দ্রুত গ্রেফতার ও দৃষ্টান্তমূলক শাস্তি দাবি করেন।
রাজাকারের বাচ্চাদেরও বিতাড়িত করব
(শেষ পৃষ্ঠার পর)
সমাবেশে বক্তারা বলেন, স্বাধীনতাবিরোধী শক্তির কোনো স্থান এই দেশে হবে না। মুক্তিযুদ্ধের চেতনাকে সমুন্নত রাখতে সবাইকে ঐক্যবদ্ধ থাকতে হবে। তারা অভিযোগ করেন, একটি মহল দেশে অস্থিতিশীলতা সৃষ্টির চেষ্টা করছে। সমাবেশ শেষে একটি বিক্ষোভ মিছিল শহরের প্রধান সড়ক প্রদক্ষিণ করে।
সমাবেশে বক্তারা বলেন, স্বাধীনতাবিরোধী শক্তির কোনো স্থান এই দেশে হবে না। মুক্তিযুদ্ধের চেতনাকে সমুন্নত রাখতে সবাইকে ঐক্যবদ্ধ থাকতে হবে। তারা অভিযোগ করেন, একটি মহল দেশে অস্থিতিশীলতা সৃষ্টির চেষ্টা করছে। সমাবেশ শেষে একটি বিক্ষোভ মিছিল শহরের প্রধান সড়ক প্রদক্ষিণ করে।
সমাবেশে বক্তারা বলেন, স্বাধীনতাবিরোধী শক্তির কোনো স্থান এই দেশে হবে না। মুক্তিযুদ্ধের চেতনাকে সমুন্নত রাখতে সবাইকে ঐক্যবদ্ধ থাকতে হবে। তারা অভিযোগ করেন, একটি মহল দেশে অস্থিতিশীলতা সৃষ্টির চেষ্টা করছে। সমাবেশ শেষে একটি বিক্ষোভ মিছিল শহরের প্রধান সড়ক প্রদক্ষিণ করে।
সমাবেশে বক্তারা বলেন, স্বাধীনতাবিরোধী শক্তির কোনো স্থান এই দেশে হবে না। মুক্তিযুদ্ধের চেতনাকে সমুন্নত রাখতে সবাইকে ঐক্যবদ্ধ থাকতে হবে। তারা অভিযোগ করেন, একটি মহল দেশে অস্থিতিশীলতা সৃষ্টির চেষ্টা করছে। সমাবেশ শেষে একটি বিক্ষোভ মিছিল শহরের প্রধান সড়ক প্রদক্ষিণ করে।
সমাবেশে বক্তারা বলেন, স্বাধীনতাবিরোধী শক্তির কোনো স্থান এই দেশে হবে না। মুক্তিযুদ্ধের চেতনাকে সমুন্নত রাখতে সবাইকে ঐক্যবদ্ধ থাকতে হবে। তারা অভিযোগ করেন, একটি মহল দেশে অস্থিতিশীলতা সৃষ্টির চেষ্টা করছে। সমাবেশ শেষে একটি বিক্ষোভ মিছিল শহরের প্রধান সড়ক প্রদক্ষিণ করে।
সমাবেশে বক্তারা বলেন, স্বাধীনতাবিরোধী শক্তির কোনো স্থান এই দেশে হবে না। মুক্তিযুদ্ধের চেতনাকে সমুন্নত রাখতে সবাইকে ঐক্যবদ্ধ থাকতে হবে। তারা অভিযোগ করেন, একটি মহল দেশে অস্থিতিশীলতা সৃষ্টির চেষ্টা করছে। সমাবেশ শেষে একটি বিক্ষোভ মিছিল শহরের প্রধান সড়ক প্রদক্ষিণ করে।
সংকট কাটাতে সংস্কার কর্মসূচি
(শেষ পৃষ্ঠার পর)
অর্থনৈতিক সংকট কাটাতে সরকার বেশ কয়েকটি সংস্কার কর্মসূচি হাতে নিয়েছে। ব্যাংক খাতের খেলাপি ঋণ আদায়, রাজস্ব আহরণ বৃদ্ধি এবং বৈদেশিক মুদ্রার রিজার্ভ স্থিতিশীল রাখতে নানা উদ্যোগ নেওয়া হয়েছে। অর্থনীতিবিদরা বলছেন, এসব সংস্কার বাস্তবায়িত হলে দীর্ঘমেয়াদে সুফল পাওয়া যাবে।
অর্থনৈতিক সংকট কাটাতে সরকার বেশ কয়েকটি সংস্কার কর্মসূচি হাতে নিয়েছে। ব্যাংক খাতের খেলাপি ঋণ আদায়, রাজস্ব আহরণ বৃদ্ধি এবং বৈদেশিক মুদ্রার রিজার্ভ স্থিতিশীল রাখতে নানা উদ্যোগ নেওয়া হয়েছে। অর্থনীতিবিদরা বলছেন, এসব সংস্কার বাস্তবায়িত হলে দীর্ঘমেয়াদে সুফল পাওয়া যাবে।
অর্থনৈতিক সংকট কাটাতে সরকার বেশ কয়েকটি সংস্কার কর্মসূচি হাতে নিয়েছে। ব্যাংক খাতের খেলাপি ঋণ আদায়, রাজস্ব আহরণ বৃদ্ধি এবং বৈদেশিক মুদ্রার রিজার্ভ স্থিতিশীল রাখতে নানা উদ্যোগ নেওয়া হয়েছে। অর্থনীতিবিদরা বলছেন, এসব সংস্কার বাস্তবায়িত হলে দীর্ঘমেয়াদে সুফল পাওয়া যাবে।
অর্থনৈতিক সংকট কাটাতে সরকার বেশ কয়েকটি সংস্কার কর্মসূচি হাতে নিয়েছে। ব্যাংক খাতের খেলাপি ঋণ আদায়, রাজস্ব আহরণ বৃদ্ধি এবং বৈদেশিক মুদ্রার রিজার্ভ স্থিতিশীল রাখতে নানা উদ্যোগ নেওয়া হয়েছে। অর্থনীতিবিদরা বলছেন, এসব সংস্কার বাস্তবায়িত হলে দীর্ঘমেয়াদে সুফল পাওয়া যাবে।
অর্থনৈতিক সংকট কাটাতে সরকার বেশ কয়েকটি সংস্কার কর্মসূচি হাতে নিয়েছে। ব্যাংক খাতের খেলাপি ঋণ আদায়, রাজস্ব আহরণ বৃদ্ধি এবং বৈদেশিক মুদ্রার রিজার্ভ স্থিতিশীল রাখতে নানা উদ্যোগ নেওয়া হয়েছে। অর্থনীতিবিদরা বলছেন, এসব সংস্কার বাস্তবায়িত হলে দীর্ঘমেয়াদে সুফল পাওয়া যাবে।
অর্থনৈতিক সংকট কাটাতে সরকার বেশ কয়েকটি সংস্কার কর্মসূচি হাতে নিয়েছে। ব্যাংক খাতের খেলাপি ঋণ আদায়, রাজস্ব আহরণ বৃদ্ধি এবং বৈদেশিক মুদ্রার রিজার্ভ স্থিতিশীল রাখতে নানা উদ্যোগ নেওয়া হয়েছে। অর্থনীতিবিদরা বলছেন, এসব সংস্কার বাস্তবায়িত হলে দীর্ঘমেয়াদে সুফল পাওয়া যাবে।
অর্থনৈতিক সংকট কাটাতে সরকার বেশ কয়েকটি সংস্কার কর্মসূচি হাতে নিয়েছে। ব্যাংক খাতের খেলাপি ঋণ আদায়, রাজস্ব আহরণ বৃদ্ধি এবং বৈদেশিক মুদ্রার রিজার্ভ স্থিতিশীল রাখতে নানা উদ্যোগ নেওয়া হয়েছে। অর্থনীতিবিদরা বলছেন, এসব সংস্কার বাস্তবায়িত হলে দীর্ঘমেয়াদে সুফল পাওয়া যাবে।
গণপ্রজাতন্ত্রী বাংলাদেশ সরকার
নির্বাহী প্রকৌশলীর কার্যালয়, সওজ
সড়ক বিভাগ, বরিশাল।
ফোন: ০৪৩১-৬৪১৮১
e-mail: eebar@rhd.gov.bd
স্মারক নং: ৩৫.০১.০৬০২.৪০১.০৭.০০১.২৫-৫৩৩৮	তারিখ: ১৬/০৭/২০২৫ খ্রিঃ
“ফেরিঘাটের ইজারা কোটেশন আহ্বান বিজ্ঞপ্তি (৩য় আহ্বান)”
০১	মন্ত্রণালয়/বিভাগ	সড়ক পরিবহন ও মহাসড়ক বিভাগ
০২	ইজারা প্রদানকারী সংস্থা	সড়ক ও জনপথ অধিদপ্তর
০৩	ইজারা প্রদানকারী অফিস	নির্বাহী প্রকৌশলী, সড়ক বিভাগ, বরিশাল
০৪	ইজারার মেয়াদ	০১ (এক) বছর
০৫	ইজারা মূল্য	৫ টাকা/প্রতি দেয় মূল্যের তালিকা অনুযায়ী
০৬	দরপত্রের নিরাপত্তা জামানত	টা: ১,০০,০০০.০০ (এক লক্ষ) টাকা মাত্র
০৭	কোটেশন বিক্রয়ের শেষ তারিখ	২৭/০৭/২০২৫ খ্রিঃ বেলা ১.০০ ঘটিকা পর্যন্ত
০৮	কোটেশন গ্রহণের শেষ তারিখ	২৮/০৭/২০২৫ খ্রিঃ বেলা ১২.০০ ঘটিকা পর্যন্ত
০৯	কোটেশন খোলার তারিখ ও সময়	২৮/০৭/২০২৫ খ্রিঃ বেলা ৩.০০ ঘটিকা
১০	কোটেশন বিক্রয়ের স্থান	নির্বাহী প্রকৌশলীর দপ্তর, সড়ক বিভাগ, বরিশাল
১১	কোটেশন গ্রহণের স্থান	নির্বাহী প্রকৌশলীর দপ্তর, সড়ক বিভাগ, বরিশাল
১২	কোটেশন খোলার স্থান	নির্বাহী প্রকৌশলীর দপ্তর, সড়ক বিভাগ, বরিশাল
১৩	বিস্তারিত তথ্য	বিস্তারিত তথ্য সড়ক ও জনপথ অধিদপ্তরের ওয়েবসাইট www.rhd.gov.bd এ পাওয়া যাবে।
১৬.০৭.২৫
(মো: আবদুর রহমান)
নির্বাহী প্রকৌশলী
সড়ক বিভাগ, বরিশাল।
